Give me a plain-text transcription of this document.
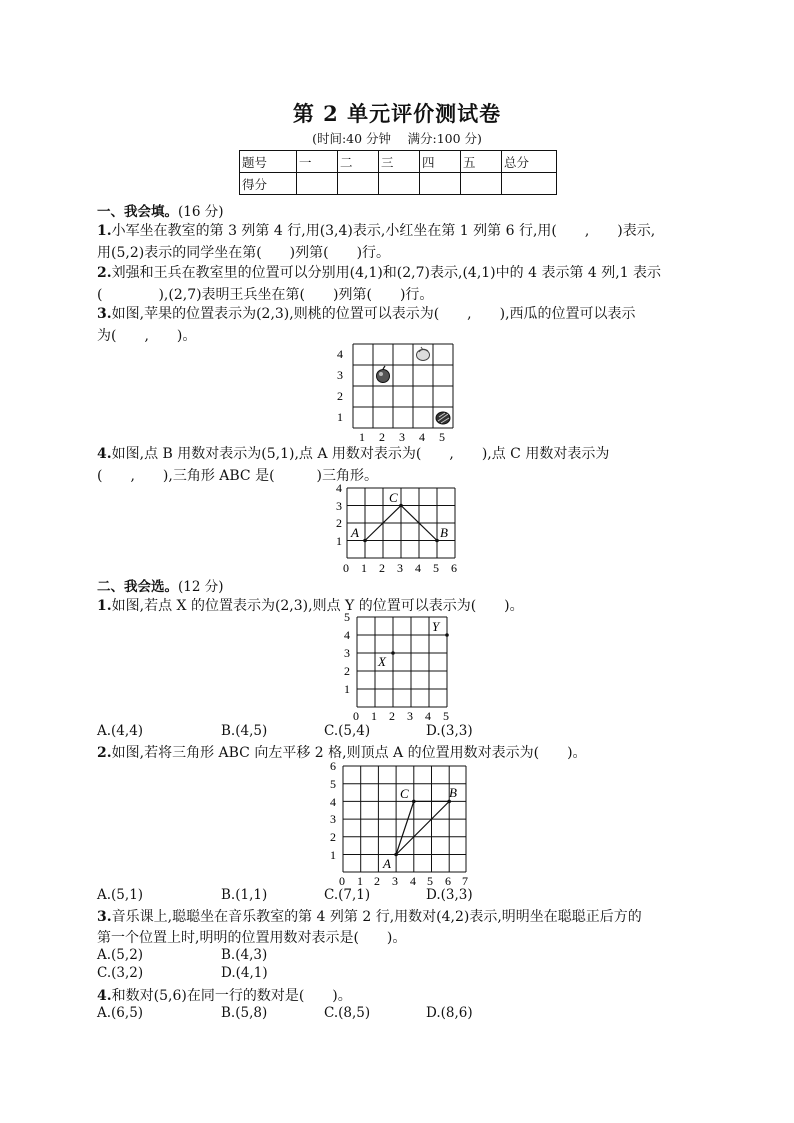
第 2 单元评价测试卷
(时间:40 分钟　 满分:100 分)
题号	一	二	三	四	五	总分
得分						
一、我会填。(16 分)
1.小军坐在教室的第 3 列第 4 行,用(3,4)表示,小红坐在第 1 列第 6 行,用(　　,　　)表示,
用(5,2)表示的同学坐在第(　　)列第(　　)行。
2.刘强和王兵在教室里的位置可以分别用(4,1)和(2,7)表示,(4,1)中的 4 表示第 4 列,1 表示
(　　　　),(2,7)表明王兵坐在第(　　)列第(　　)行。
3.如图,苹果的位置表示为(2,3),则桃的位置可以表示为(　　,　　),西瓜的位置可以表示
为(　　,　　)。
4
3
2
1
1 2 3 4 5
4.如图,点 B 用数对表示为(5,1),点 A 用数对表示为(　　,　　),点 C 用数对表示为
(　　,　　),三角形 ABC 是(　　　)三角形。
4
3
2
1
0 1 2 3 4 5 6
A
C
B
二、我会选。(12 分)
1.如图,若点 X 的位置表示为(2,3),则点 Y 的位置可以表示为(　　)。
5
4
3
2
1
0 1 2 3 4 5
X
Y
A.(4,4)	B.(4,5)	C.(5,4)	D.(3,3)
2.如图,若将三角形 ABC 向左平移 2 格,则顶点 A 的位置用数对表示为(　　)。
6
5
4
3
2
1
0 1 2 3 4 5 6 7
A
C	B
A.(5,1)	B.(1,1)	C.(7,1)	D.(3,3)
3.音乐课上,聪聪坐在音乐教室的第 4 列第 2 行,用数对(4,2)表示,明明坐在聪聪正后方的
第一个位置上时,明明的位置用数对表示是(　　)。
A.(5,2)	B.(4,3)
C.(3,2)	D.(4,1)
4.和数对(5,6)在同一行的数对是(　　)。
A.(6,5)	B.(5,8)	C.(8,5)	D.(8,6)
